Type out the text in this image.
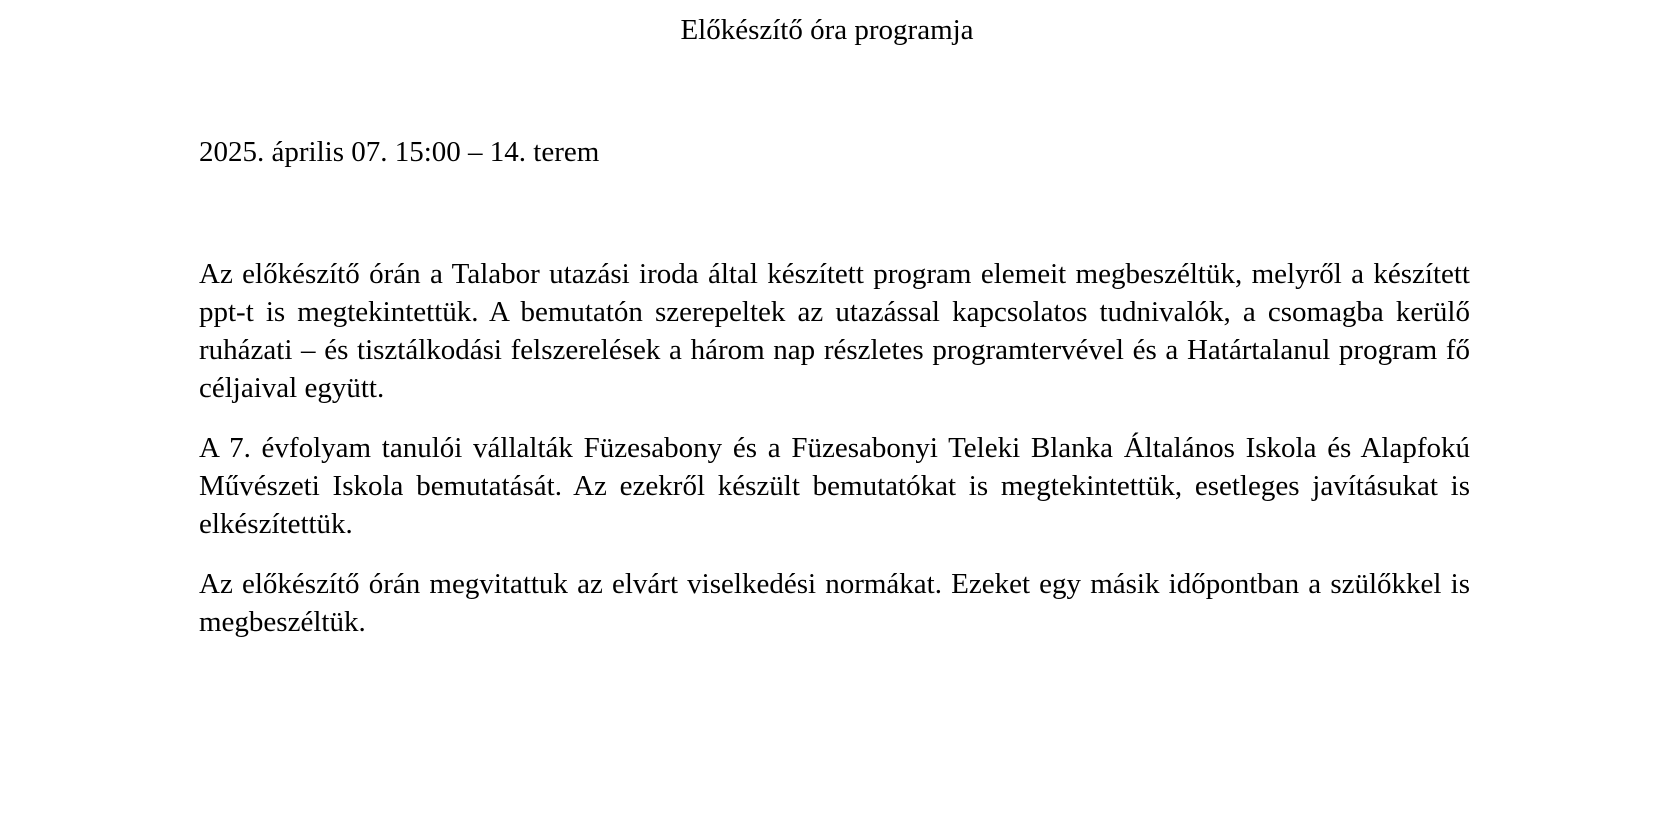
Előkészítő óra programja

2025. április 07. 15:00 – 14. terem

Az előkészítő órán a Talabor utazási iroda által készített program elemeit megbeszéltük, melyről a készített ppt-t is megtekintettük. A bemutatón szerepeltek az utazással kapcsolatos tudnivalók, a csomagba kerülő ruházati – és tisztálkodási felszerelések a három nap részletes programtervével és a Határtalanul program fő céljaival együtt.

A 7. évfolyam tanulói vállalták Füzesabony és a Füzesabonyi Teleki Blanka Általános Iskola és Alapfokú Művészeti Iskola bemutatását. Az ezekről készült bemutatókat is megtekintettük, esetleges javításukat is elkészítettük.

Az előkészítő órán megvitattuk az elvárt viselkedési normákat. Ezeket egy másik időpontban a szülőkkel is megbeszéltük.
